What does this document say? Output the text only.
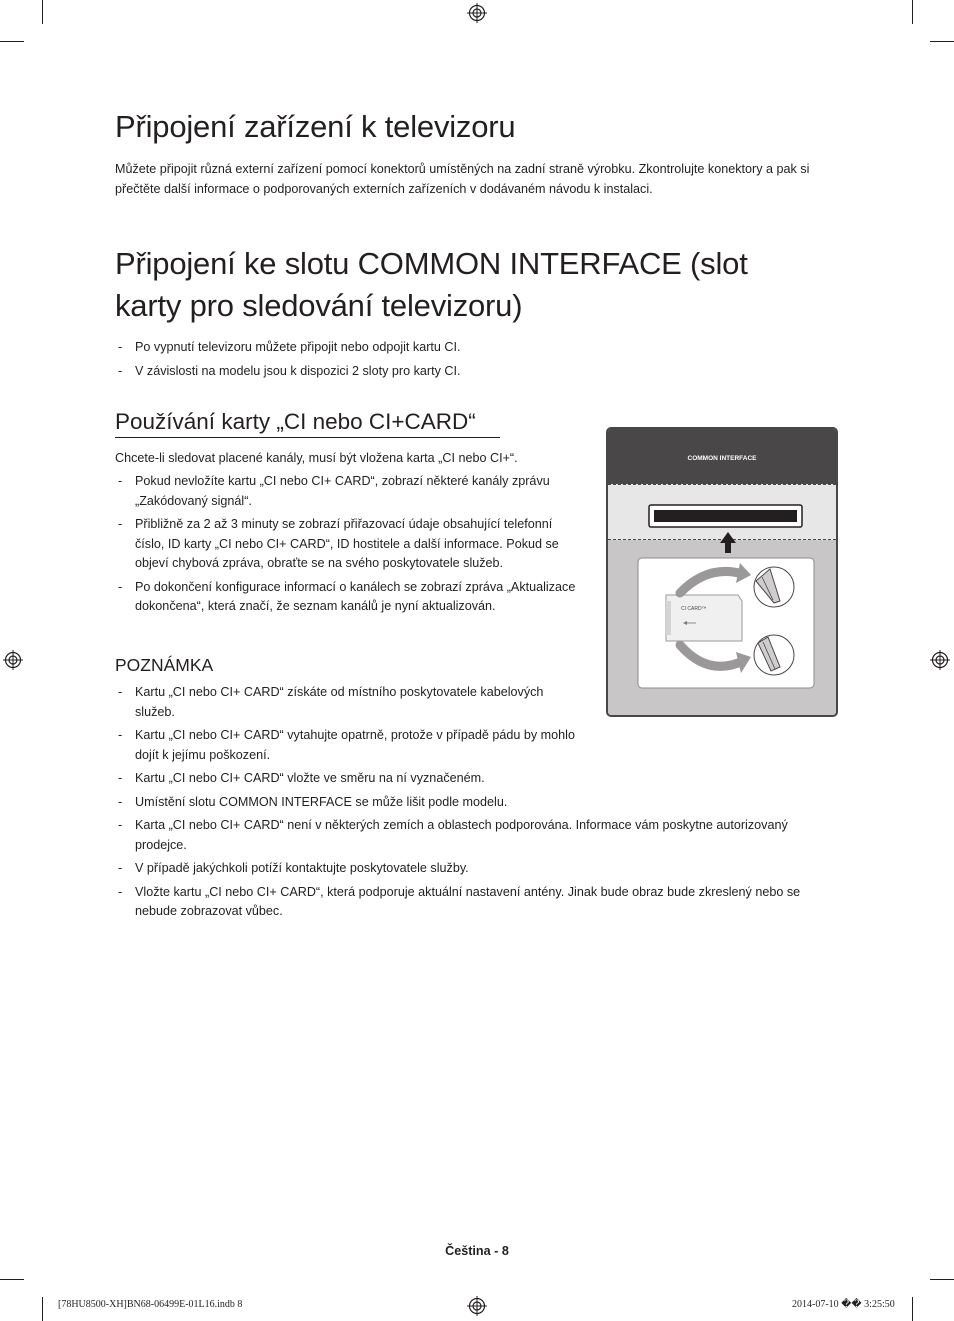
Připojení zařízení k televizoru
Můžete připojit různá externí zařízení pomocí konektorů umístěných na zadní straně výrobku. Zkontrolujte konektory a pak si přečtěte další informace o podporovaných externích zařízeních v dodávaném návodu k instalaci.
Připojení ke slotu COMMON INTERFACE (slot karty pro sledování televizoru)
- Po vypnutí televizoru můžete připojit nebo odpojit kartu CI.
- V závislosti na modelu jsou k dispozici 2 sloty pro karty CI.
Používání karty „CI nebo CI+CARD“
Chcete-li sledovat placené kanály, musí být vložena karta „CI nebo CI+“.
- Pokud nevložíte kartu „CI nebo CI+ CARD“, zobrazí některé kanály zprávu „Zakódovaný signál“.
- Přibližně za 2 až 3 minuty se zobrazí přiřazovací údaje obsahující telefonní číslo, ID karty „CI nebo CI+ CARD“, ID hostitele a další informace. Pokud se objeví chybová zpráva, obraťte se na svého poskytovatele služeb.
- Po dokončení konfigurace informací o kanálech se zobrazí zpráva „Aktualizace dokončena“, která značí, že seznam kanálů je nyní aktualizován.
POZNÁMKA
- Kartu „CI nebo CI+ CARD“ získáte od místního poskytovatele kabelových služeb.
- Kartu „CI nebo CI+ CARD“ vytahujte opatrně, protože v případě pádu by mohlo dojít k jejímu poškození.
- Kartu „CI nebo CI+ CARD“ vložte ve směru na ní vyznačeném.
- Umístění slotu COMMON INTERFACE se může lišit podle modelu.
- Karta „CI nebo CI+ CARD“ není v některých zemích a oblastech podporována. Informace vám poskytne autorizovaný prodejce.
- V případě jakýchkoli potíží kontaktujte poskytovatele služby.
- Vložte kartu „CI nebo CI+ CARD“, která podporuje aktuální nastavení antény. Jinak bude obraz bude zkreslený nebo se nebude zobrazovat vůbec.
COMMON INTERFACE
CI CARD™
Čeština - 8
[78HU8500-XH]BN68-06499E-01L16.indb 8	2014-07-10 �� 3:25:50
